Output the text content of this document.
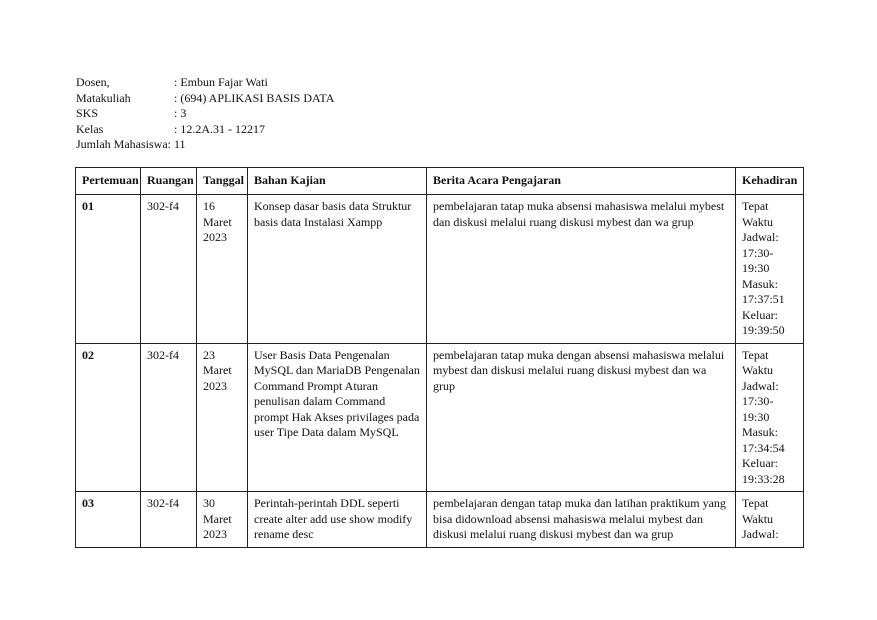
Dosen,	: Embun Fajar Wati
Matakuliah	: (694) APLIKASI BASIS DATA
SKS	: 3
Kelas	: 12.2A.31 - 12217
Jumlah Mahasiswa : 11
Pertemuan	Ruangan	Tanggal	Bahan Kajian	Berita Acara Pengajaran	Kehadiran
01	302-f4	16 Maret 2023	Konsep dasar basis data Struktur basis data Instalasi Xampp	pembelajaran tatap muka absensi mahasiswa melalui mybest dan diskusi melalui ruang diskusi mybest dan wa grup	Tepat Waktu Jadwal: 17:30-19:30 Masuk: 17:37:51 Keluar: 19:39:50
02	302-f4	23 Maret 2023	User Basis Data Pengenalan MySQL dan MariaDB Pengenalan Command Prompt Aturan penulisan dalam Command prompt Hak Akses privilages pada user Tipe Data dalam MySQL	pembelajaran tatap muka dengan absensi mahasiswa melalui mybest dan diskusi melalui ruang diskusi mybest dan wa grup	Tepat Waktu Jadwal: 17:30-19:30 Masuk: 17:34:54 Keluar: 19:33:28
03	302-f4	30 Maret 2023	Perintah-perintah DDL seperti create alter add use show modify rename desc	pembelajaran dengan tatap muka dan latihan praktikum yang bisa didownload absensi mahasiswa melalui mybest dan diskusi melalui ruang diskusi mybest dan wa grup	Tepat Waktu Jadwal:
